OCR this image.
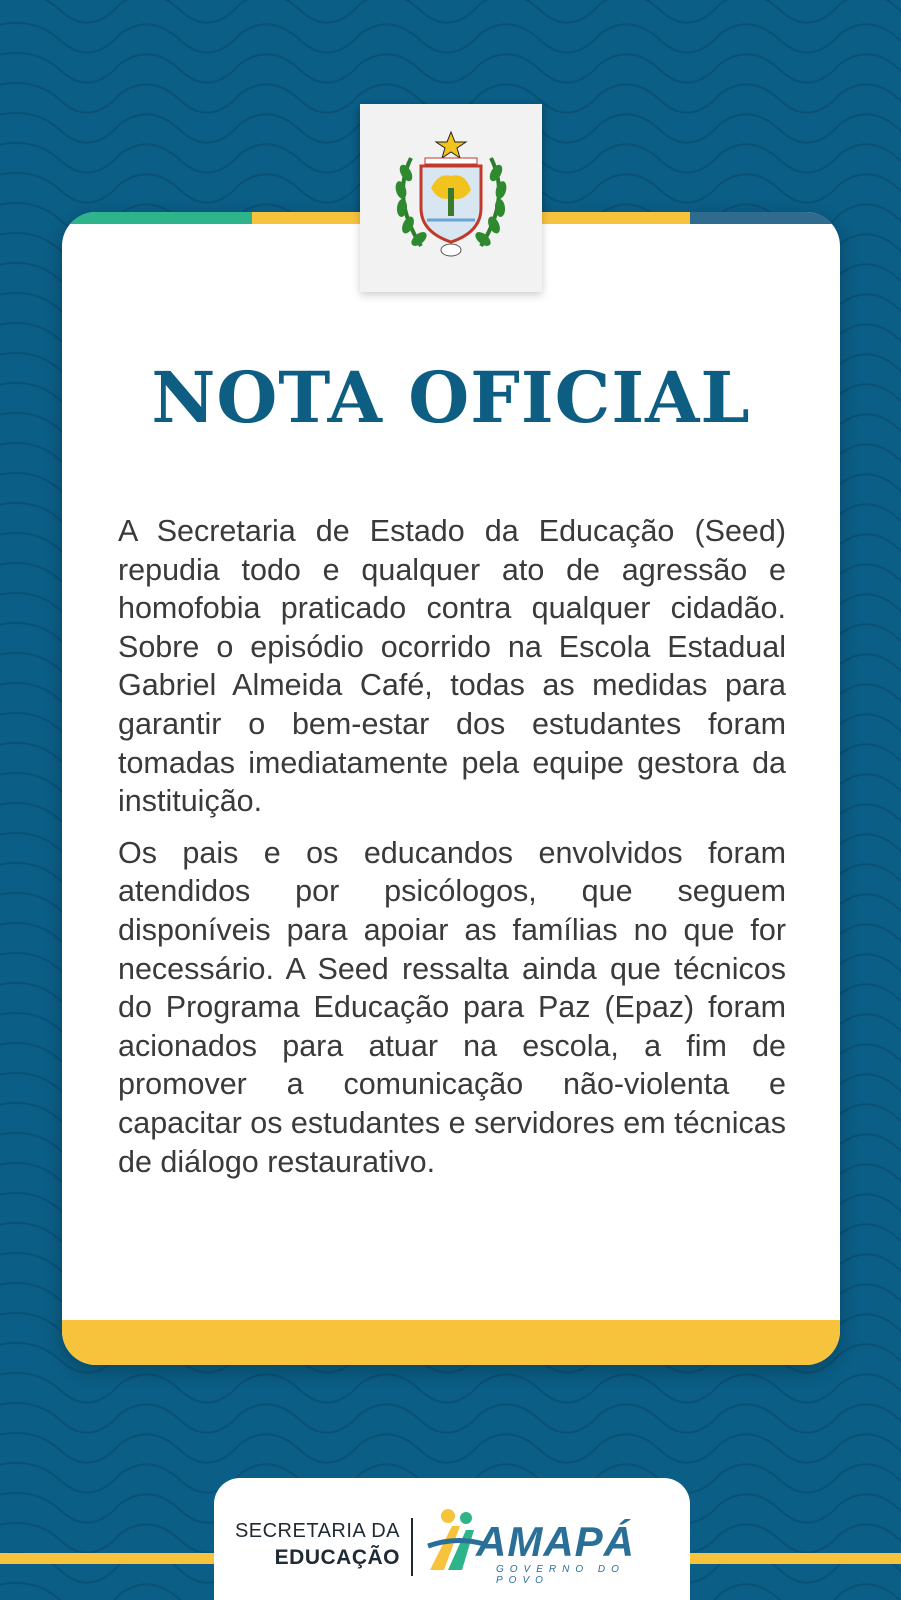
NOTA OFICIAL

A Secretaria de Estado da Educação (Seed) repudia todo e qualquer ato de agressão e homofobia praticado contra qualquer cidadão. Sobre o episódio ocorrido na Escola Estadual Gabriel Almeida Café, todas as medidas para garantir o bem-estar dos estudantes foram tomadas imediatamente pela equipe gestora da instituição.

Os pais e os educandos envolvidos foram atendidos por psicólogos, que seguem disponíveis para apoiar as famílias no que for necessário. A Seed ressalta ainda que técnicos do Programa Educação para Paz (Epaz) foram acionados para atuar na escola, a fim de promover a comunicação não-violenta e capacitar os estudantes e servidores em técnicas de diálogo restaurativo.

SECRETARIA DA
EDUCAÇÃO AMAPÁ
GOVERNO DO POVO
